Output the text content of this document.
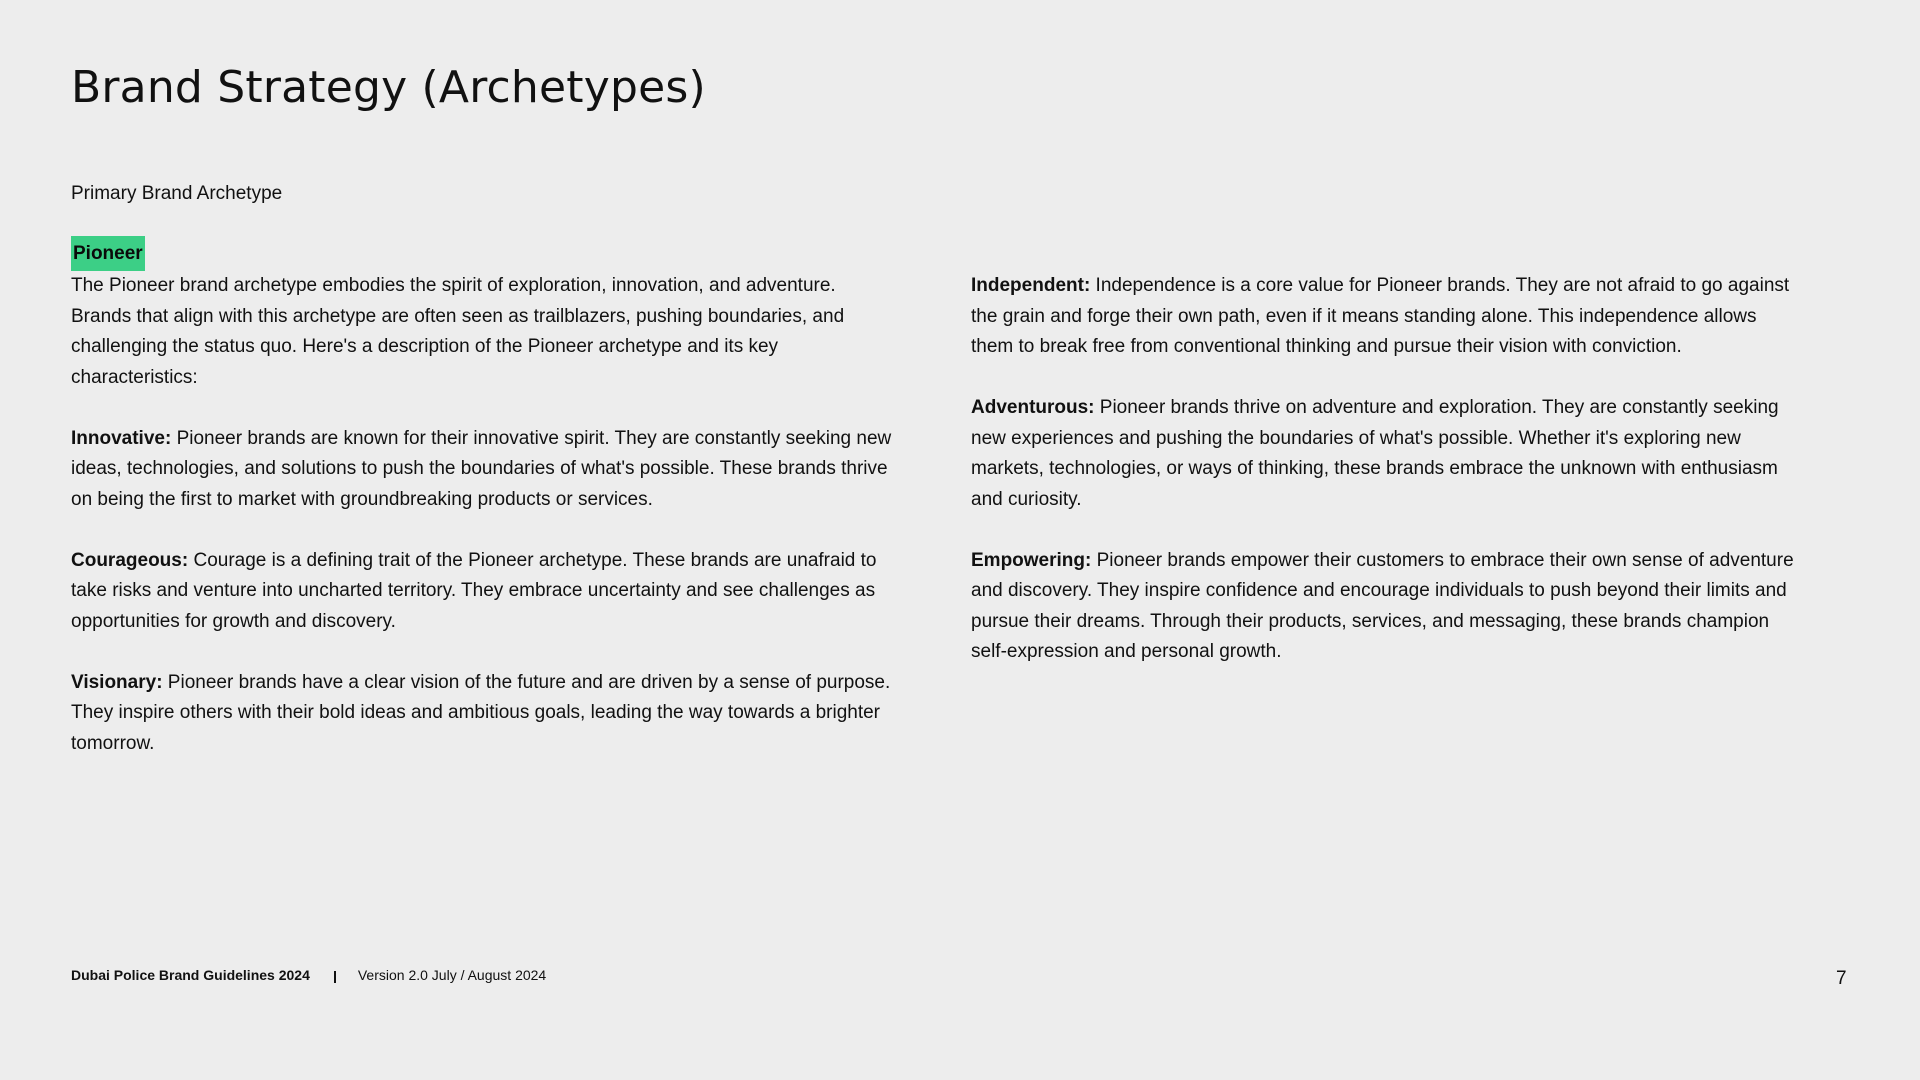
Brand Strategy (Archetypes)
Primary Brand Archetype
Pioneer

The Pioneer brand archetype embodies the spirit of exploration, innovation, and adventure. Brands that align with this archetype are often seen as trailblazers, pushing boundaries, and challenging the status quo. Here's a description of the Pioneer archetype and its key characteristics:

Innovative: Pioneer brands are known for their innovative spirit. They are constantly seeking new ideas, technologies, and solutions to push the boundaries of what's possible. These brands thrive on being the first to market with groundbreaking products or services.

Courageous: Courage is a defining trait of the Pioneer archetype. These brands are unafraid to take risks and venture into uncharted territory. They embrace uncertainty and see challenges as opportunities for growth and discovery.

Visionary: Pioneer brands have a clear vision of the future and are driven by a sense of purpose. They inspire others with their bold ideas and ambitious goals, leading the way towards a brighter tomorrow.

Independent: Independence is a core value for Pioneer brands. They are not afraid to go against the grain and forge their own path, even if it means standing alone. This independence allows them to break free from conventional thinking and pursue their vision with conviction.

Adventurous: Pioneer brands thrive on adventure and exploration. They are constantly seeking new experiences and pushing the boundaries of what's possible. Whether it's exploring new markets, technologies, or ways of thinking, these brands embrace the unknown with enthusiasm and curiosity.

Empowering: Pioneer brands empower their customers to embrace their own sense of adventure and discovery. They inspire confidence and encourage individuals to push beyond their limits and pursue their dreams. Through their products, services, and messaging, these brands champion self-expression and personal growth.

Dubai Police Brand Guidelines 2024	Version 2.0 July / August 2024	7
